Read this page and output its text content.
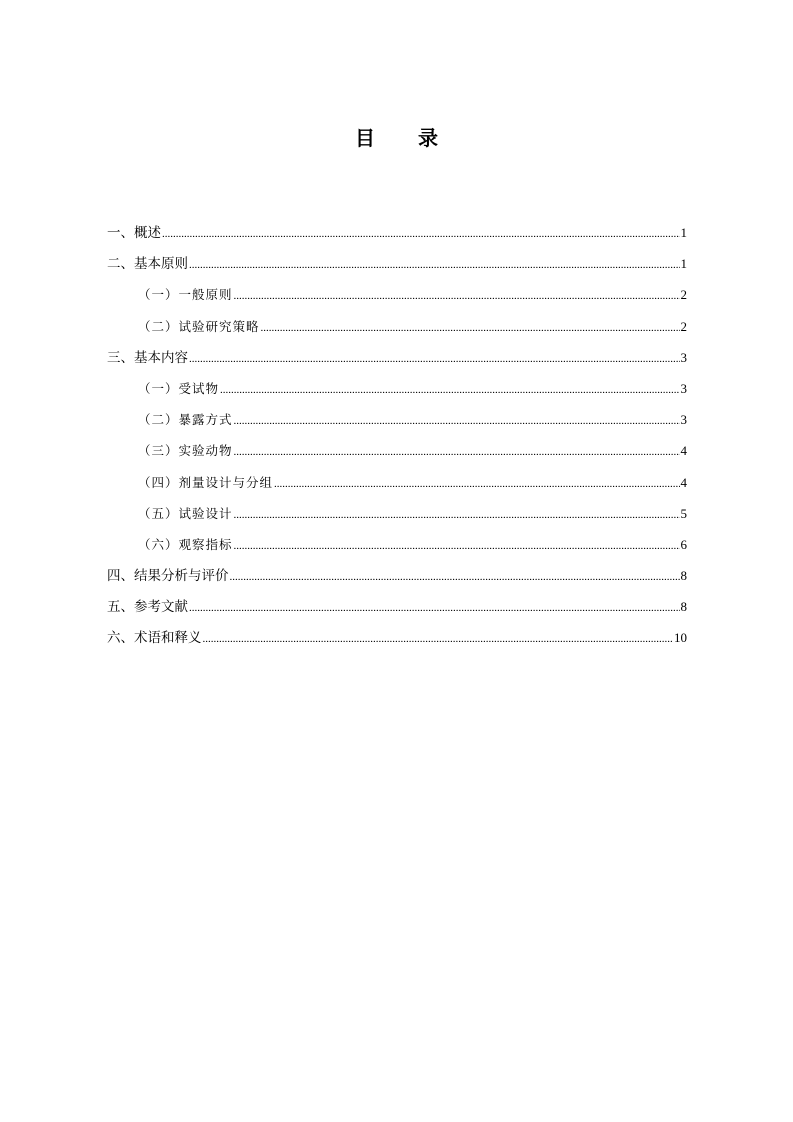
目 录
一、概述 .....	1
二、基本原则 .....	1
（一）一般原则 .....	2
（二）试验研究策略 .....	2
三、基本内容 .....	3
（一）受试物 .....	3
（二）暴露方式 .....	3
（三）实验动物 .....	4
（四）剂量设计与分组 .....	4
（五）试验设计 .....	5
（六）观察指标 .....	6
四、结果分析与评价 .....	8
五、参考文献 .....	8
六、术语和释义 .....	10
